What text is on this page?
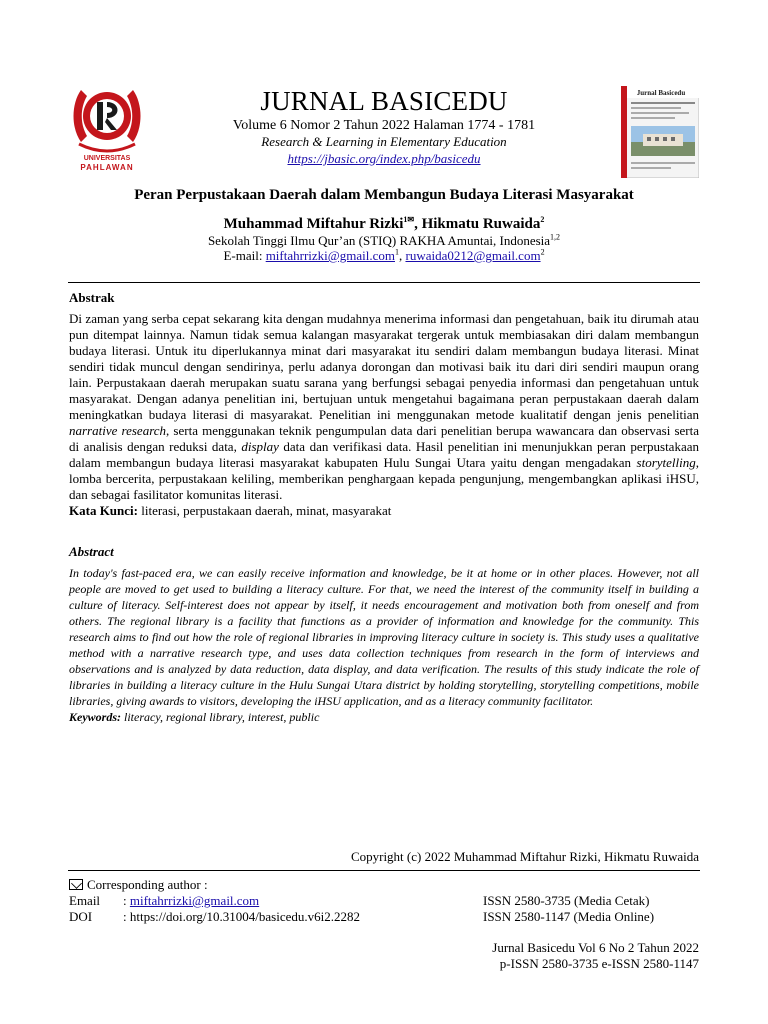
UNIVERSITAS
PAHLAWAN
JURNAL BASICEDU
Volume 6 Nomor 2 Tahun 2022 Halaman 1774 - 1781
Research & Learning in Elementary Education
https://jbasic.org/index.php/basicedu
Jurnal Basicedu
Peran Perpustakaan Daerah dalam Membangun Budaya Literasi Masyarakat
Muhammad Miftahur Rizki$^{1✉}$, Hikmatu Ruwaida$^2$
Sekolah Tinggi Ilmu Qur’an (STIQ) RAKHA Amuntai, Indonesia$^{1,2}$
E-mail: miftahrrizki@gmail.com$^1$, ruwaida0212@gmail.com$^2$
Abstrak
Di zaman yang serba cepat sekarang kita dengan mudahnya menerima informasi dan pengetahuan, baik itu dirumah atau pun ditempat lainnya. Namun tidak semua kalangan masyarakat tergerak untuk membiasakan diri dalam membangun budaya literasi. Untuk itu diperlukannya minat dari masyarakat itu sendiri dalam membangun budaya literasi. Minat sendiri tidak muncul dengan sendirinya, perlu adanya dorongan dan motivasi baik itu dari diri sendiri maupun orang lain. Perpustakaan daerah merupakan suatu sarana yang berfungsi sebagai penyedia informasi dan pengetahuan untuk masyarakat. Dengan adanya penelitian ini, bertujuan untuk mengetahui bagaimana peran perpustakaan daerah dalam meningkatkan budaya literasi di masyarakat. Penelitian ini menggunakan metode kualitatif dengan jenis penelitian narrative research, serta menggunakan teknik pengumpulan data dari penelitian berupa wawancara dan observasi serta di analisis dengan reduksi data, display data dan verifikasi data. Hasil penelitian ini menunjukkan peran perpustakaan dalam membangun budaya literasi masyarakat kabupaten Hulu Sungai Utara yaitu dengan mengadakan storytelling, lomba bercerita, perpustakaan keliling, memberikan penghargaan kepada pengunjung, mengembangkan aplikasi iHSU, dan sebagai fasilitator komunitas literasi.
Kata Kunci: literasi, perpustakaan daerah, minat, masyarakat
Abstract
In today's fast-paced era, we can easily receive information and knowledge, be it at home or in other places. However, not all people are moved to get used to building a literacy culture. For that, we need the interest of the community itself in building a culture of literacy. Self-interest does not appear by itself, it needs encouragement and motivation both from oneself and from others. The regional library is a facility that functions as a provider of information and knowledge for the community. This research aims to find out how the role of regional libraries in improving literacy culture in society is. This study uses a qualitative method with a narrative research type, and uses data collection techniques from research in the form of interviews and observations and is analyzed by data reduction, data display, and data verification. The results of this study indicate the role of libraries in building a literacy culture in the Hulu Sungai Utara district by holding storytelling, storytelling competitions, mobile libraries, giving awards to visitors, developing the iHSU application, and as a literacy community facilitator.
Keywords: literacy, regional library, interest, public
Copyright (c) 2022 Muhammad Miftahur Rizki, Hikmatu Ruwaida
Corresponding author :
Email	: miftahrrizki@gmail.com	ISSN 2580-3735 (Media Cetak)
DOI	: https://doi.org/10.31004/basicedu.v6i2.2282	ISSN 2580-1147 (Media Online)
Jurnal Basicedu Vol 6 No 2 Tahun 2022
p-ISSN 2580-3735 e-ISSN 2580-1147
